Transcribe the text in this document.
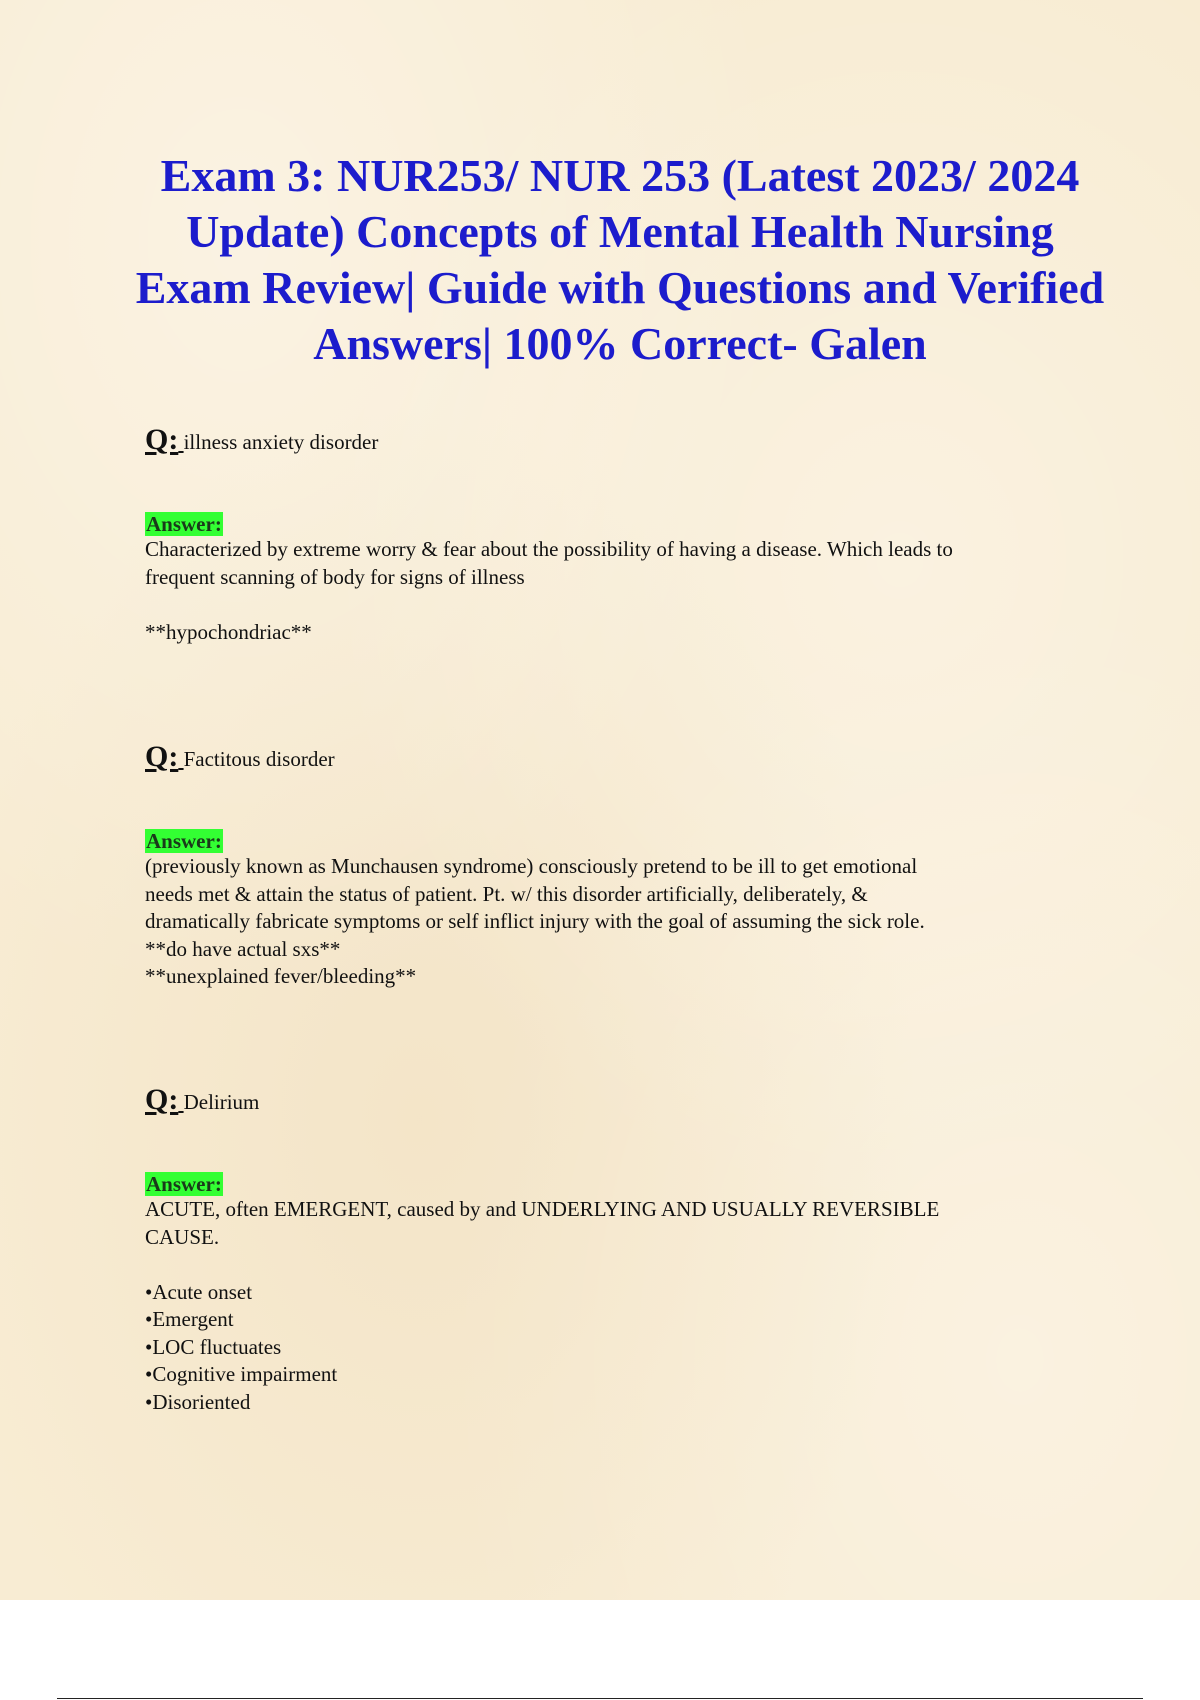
Exam 3: NUR253/ NUR 253 (Latest 2023/ 2024 Update) Concepts of Mental Health Nursing Exam Review| Guide with Questions and Verified Answers| 100% Correct- Galen

Q: illness anxiety disorder

Answer:
Characterized by extreme worry & fear about the possibility of having a disease. Which leads to
frequent scanning of body for signs of illness
**hypochondriac**

Q: Factitous disorder

Answer:
(previously known as Munchausen syndrome) consciously pretend to be ill to get emotional
needs met & attain the status of patient. Pt. w/ this disorder artificially, deliberately, &
dramatically fabricate symptoms or self inflict injury with the goal of assuming the sick role.
**do have actual sxs**
**unexplained fever/bleeding**

Q: Delirium

Answer:
ACUTE, often EMERGENT, caused by and UNDERLYING AND USUALLY REVERSIBLE
CAUSE.
•Acute onset
•Emergent
•LOC fluctuates
•Cognitive impairment
•Disoriented
